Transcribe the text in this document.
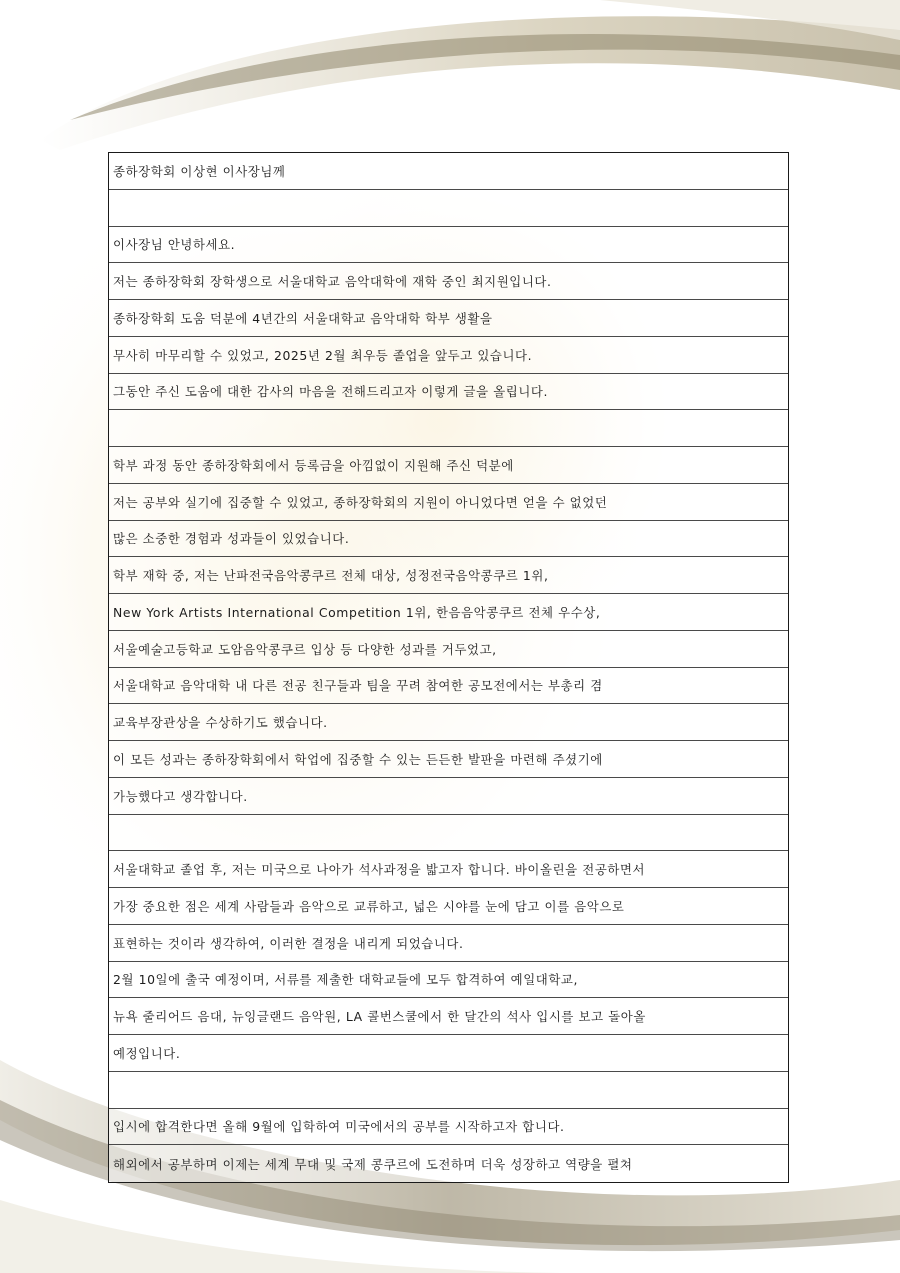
종하장학회 이상현 이사장님께
이사장님 안녕하세요.
저는 종하장학회 장학생으로 서울대학교 음악대학에 재학 중인 최지원입니다.
종하장학회 도움 덕분에 4년간의 서울대학교 음악대학 학부 생활을
무사히 마무리할 수 있었고, 2025년 2월 최우등 졸업을 앞두고 있습니다.
그동안 주신 도움에 대한 감사의 마음을 전해드리고자 이렇게 글을 올립니다.
학부 과정 동안 종하장학회에서 등록금을 아낌없이 지원해 주신 덕분에
저는 공부와 실기에 집중할 수 있었고, 종하장학회의 지원이 아니었다면 얻을 수 없었던
많은 소중한 경험과 성과들이 있었습니다.
학부 재학 중, 저는 난파전국음악콩쿠르 전체 대상, 성정전국음악콩쿠르 1위,
New York Artists International Competition 1위, 한음음악콩쿠르 전체 우수상,
서울예술고등학교 도암음악콩쿠르 입상 등 다양한 성과를 거두었고,
서울대학교 음악대학 내 다른 전공 친구들과 팀을 꾸려 참여한 공모전에서는 부총리 겸
교육부장관상을 수상하기도 했습니다.
이 모든 성과는 종하장학회에서 학업에 집중할 수 있는 든든한 발판을 마련해 주셨기에
가능했다고 생각합니다.
서울대학교 졸업 후, 저는 미국으로 나아가 석사과정을 밟고자 합니다. 바이올린을 전공하면서
가장 중요한 점은 세계 사람들과 음악으로 교류하고, 넓은 시야를 눈에 담고 이를 음악으로
표현하는 것이라 생각하여, 이러한 결정을 내리게 되었습니다.
2월 10일에 출국 예정이며, 서류를 제출한 대학교들에 모두 합격하여 예일대학교,
뉴욕 줄리어드 음대, 뉴잉글랜드 음악원, LA 콜번스쿨에서 한 달간의 석사 입시를 보고 돌아올
예정입니다.
입시에 합격한다면 올해 9월에 입학하여 미국에서의 공부를 시작하고자 합니다.
해외에서 공부하며 이제는 세계 무대 및 국제 콩쿠르에 도전하며 더욱 성장하고 역량을 펼쳐
